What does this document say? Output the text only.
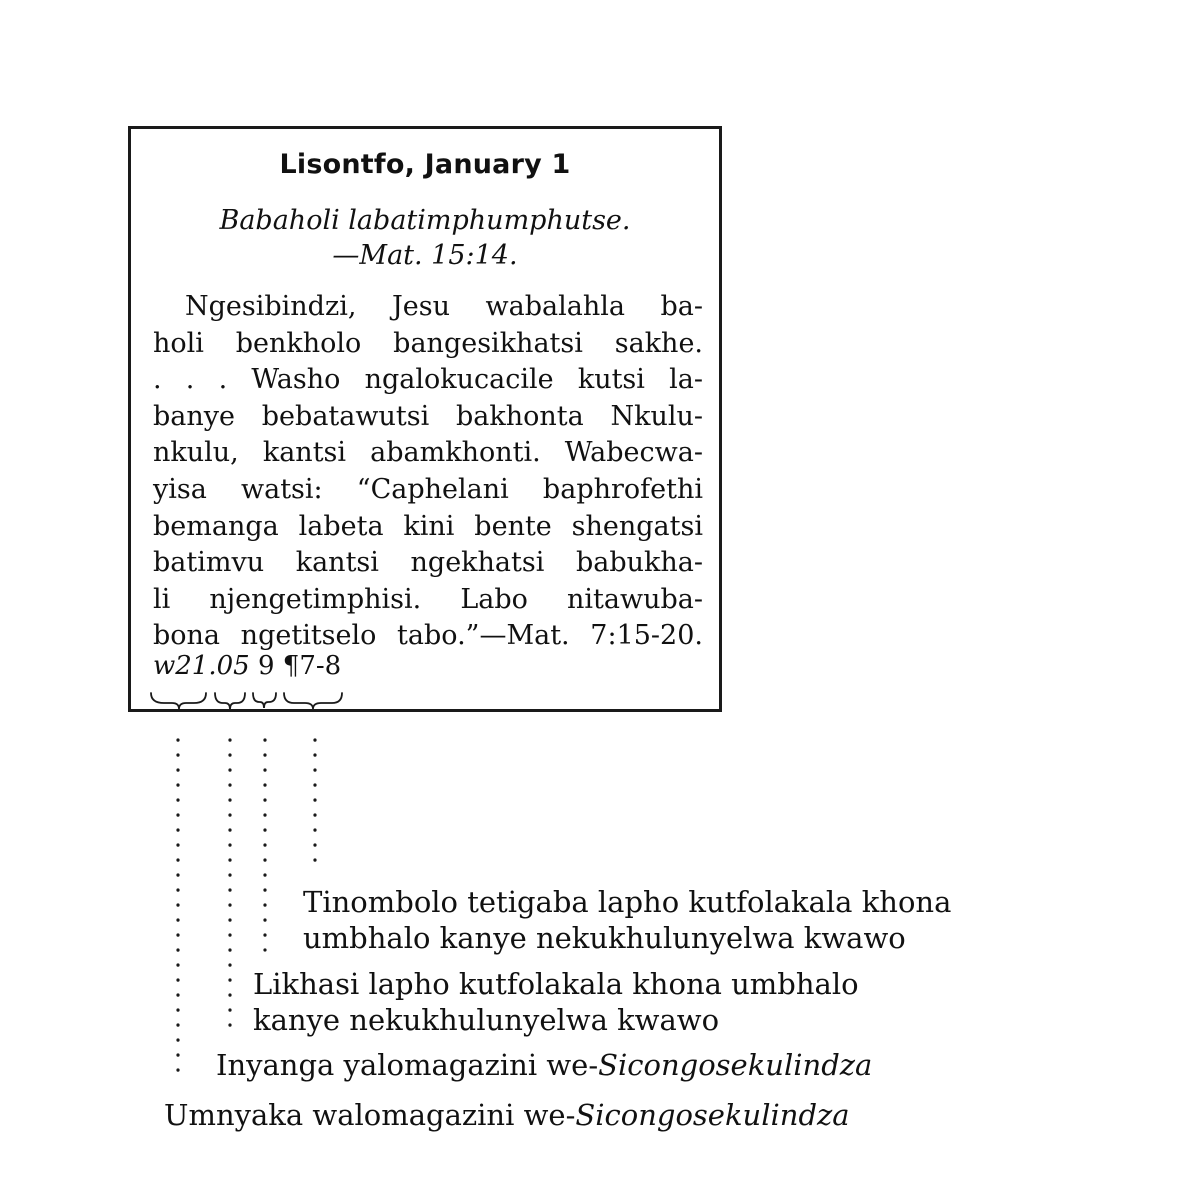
Lisontfo, January 1
Babaholi labatimphumphutse.
—Mat. 15:14.
Ngesibindzi, Jesu wabalahla ba-
holi benkholo bangesikhatsi sakhe.
. . . Washo ngalokucacile kutsi la-
banye bebatawutsi bakhonta Nkulu-
nkulu, kantsi abamkhonti. Wabecwa-
yisa watsi: “Caphelani baphrofethi
bemanga labeta kini bente shengatsi
batimvu kantsi ngekhatsi babukha-
li njengetimphisi. Labo nitawuba-
bona ngetitselo tabo.”—Mat. 7:15-20.
w21.05 9 ¶7-8
Tinombolo tetigaba lapho kutfolakala khona
umbhalo kanye nekukhulunyelwa kwawo
Likhasi lapho kutfolakala khona umbhalo
kanye nekukhulunyelwa kwawo
Inyanga yalomagazini we-Sicongosekulindza
Umnyaka walomagazini we-Sicongosekulindza
